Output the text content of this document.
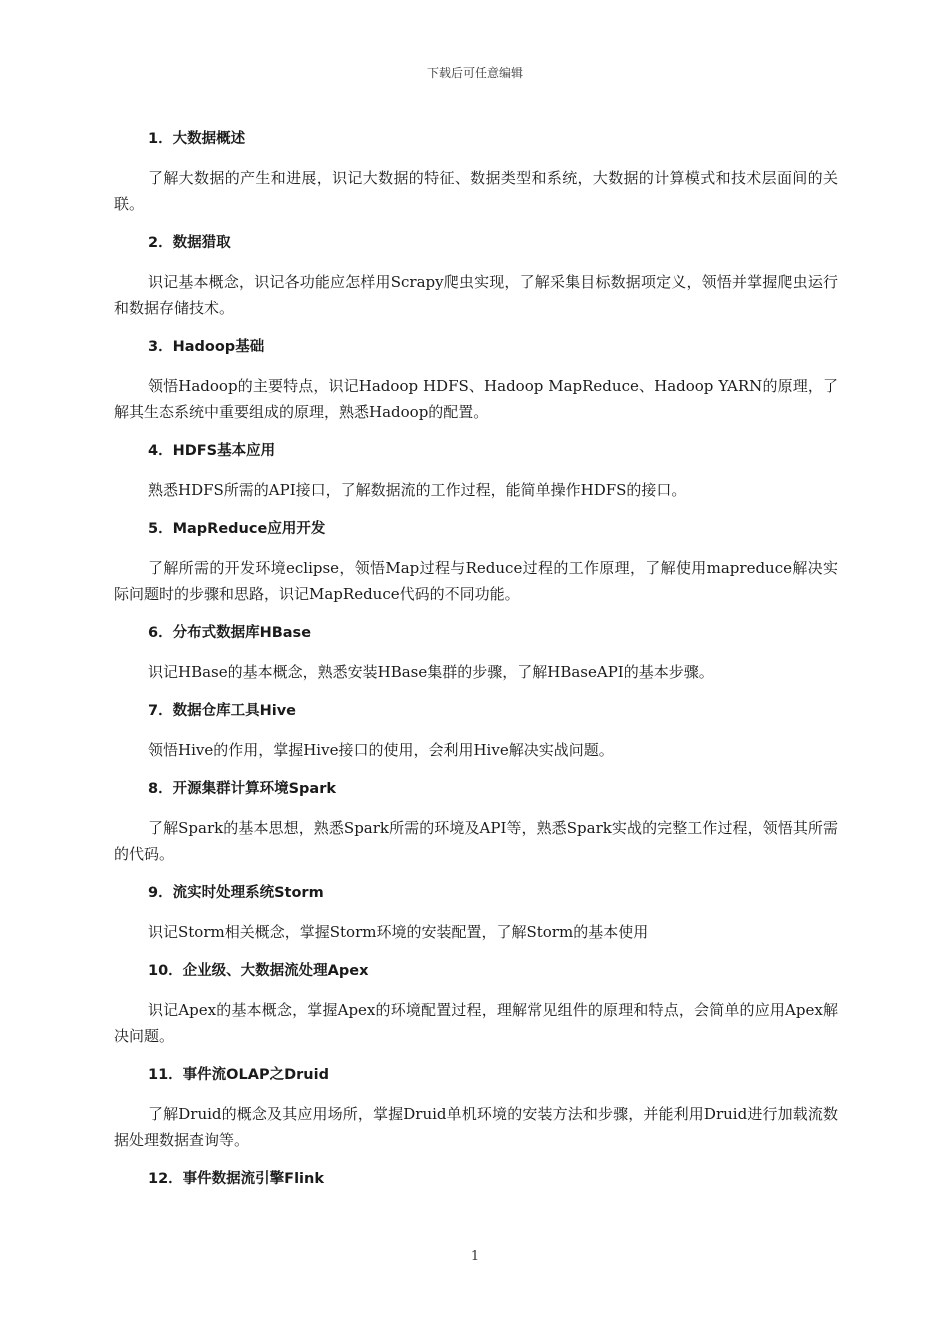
下载后可任意编辑
1．大数据概述

了解大数据的产生和进展，识记大数据的特征、数据类型和系统，大数据的计算模式和技术层面间的关联。

2．数据猎取

识记基本概念，识记各功能应怎样用Scrapy爬虫实现，了解采集目标数据项定义，领悟并掌握爬虫运行和数据存储技术。

3．Hadoop基础

领悟Hadoop的主要特点，识记Hadoop HDFS、Hadoop MapReduce、Hadoop YARN的原理，了解其生态系统中重要组成的原理，熟悉Hadoop的配置。

4．HDFS基本应用

熟悉HDFS所需的API接口，了解数据流的工作过程，能简单操作HDFS的接口。

5．MapReduce应用开发

了解所需的开发环境eclipse，领悟Map过程与Reduce过程的工作原理，了解使用mapreduce解决实际问题时的步骤和思路，识记MapReduce代码的不同功能。

6．分布式数据库HBase

识记HBase的基本概念，熟悉安装HBase集群的步骤，了解HBaseAPI的基本步骤。

7．数据仓库工具Hive

领悟Hive的作用，掌握Hive接口的使用，会利用Hive解决实战问题。

8．开源集群计算环境Spark

了解Spark的基本思想，熟悉Spark所需的环境及API等，熟悉Spark实战的完整工作过程，领悟其所需的代码。

9．流实时处理系统Storm

识记Storm相关概念，掌握Storm环境的安装配置，了解Storm的基本使用

10．企业级、大数据流处理Apex

识记Apex的基本概念，掌握Apex的环境配置过程，理解常见组件的原理和特点，会简单的应用Apex解决问题。

11．事件流OLAP之Druid

了解Druid的概念及其应用场所，掌握Druid单机环境的安装方法和步骤，并能利用Druid进行加载流数据处理数据查询等。

12．事件数据流引擎Flink
1
